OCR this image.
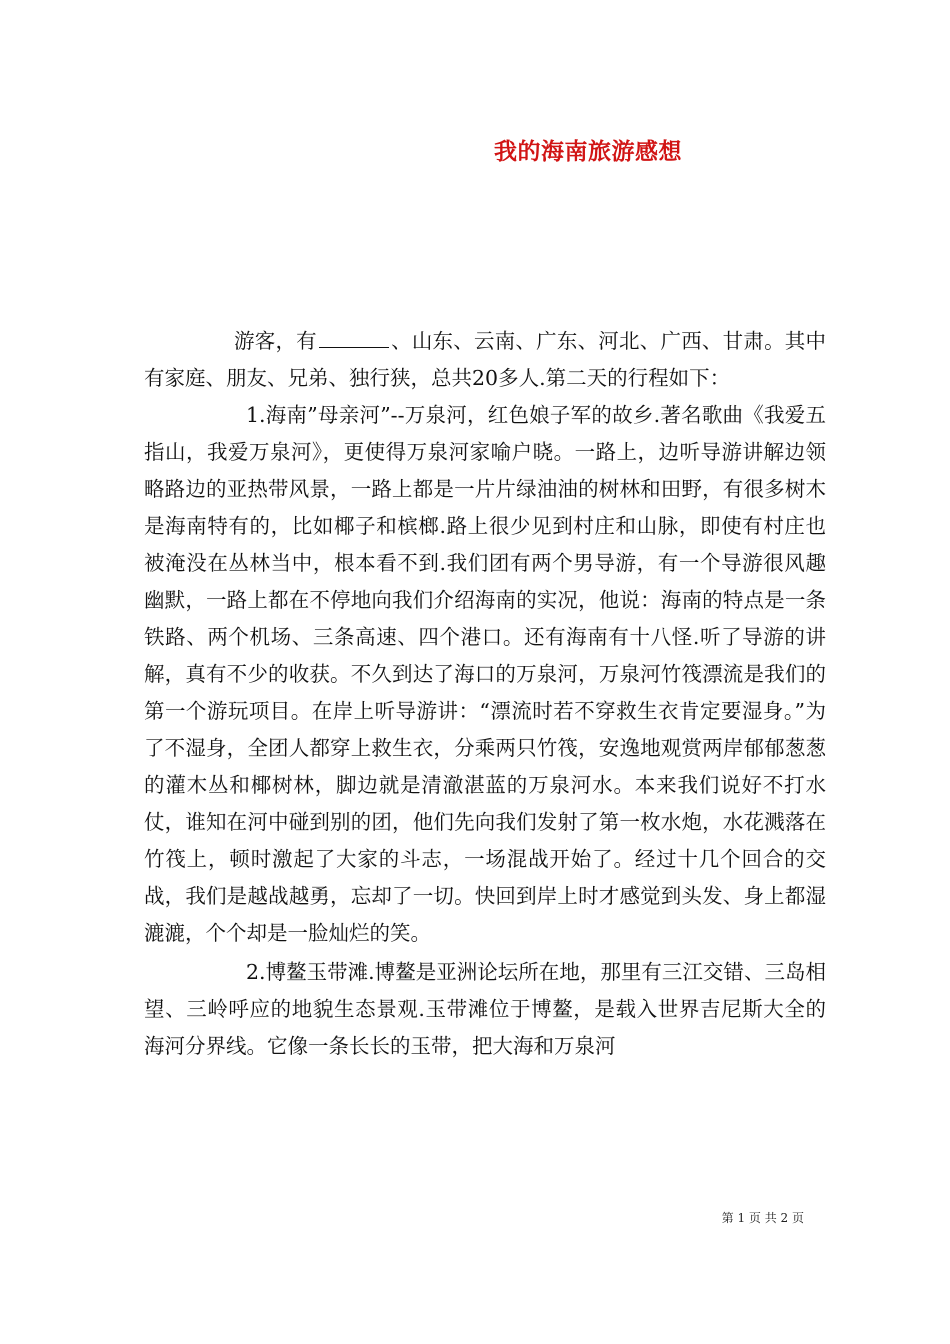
我的海南旅游感想

游客，有	、山东、云南、广东、河北、广西、甘肃。其中有家庭、朋友、兄弟、独行狭，总共20多人.第二天的行程如下：

1.海南”母亲河”--万泉河，红色娘子军的故乡.著名歌曲《我爱五指山，我爱万泉河》，更使得万泉河家喻户晓。一路上，边听导游讲解边领略路边的亚热带风景，一路上都是一片片绿油油的树林和田野，有很多树木是海南特有的，比如椰子和槟榔.路上很少见到村庄和山脉，即使有村庄也被淹没在丛林当中，根本看不到.我们团有两个男导游，有一个导游很风趣幽默，一路上都在不停地向我们介绍海南的实况，他说：海南的特点是一条铁路、两个机场、三条高速、四个港口。还有海南有十八怪.听了导游的讲解，真有不少的收获。不久到达了海口的万泉河，万泉河竹筏漂流是我们的第一个游玩项目。在岸上听导游讲：“漂流时若不穿救生衣肯定要湿身。”为了不湿身，全团人都穿上救生衣，分乘两只竹筏，安逸地观赏两岸郁郁葱葱的灌木丛和椰树林，脚边就是清澈湛蓝的万泉河水。本来我们说好不打水仗，谁知在河中碰到别的团，他们先向我们发射了第一枚水炮，水花溅落在竹筏上，顿时激起了大家的斗志，一场混战开始了。经过十几个回合的交战，我们是越战越勇，忘却了一切。快回到岸上时才感觉到头发、身上都湿漉漉，个个却是一脸灿烂的笑。

2.博鳌玉带滩.博鳌是亚洲论坛所在地，那里有三江交错、三岛相望、三岭呼应的地貌生态景观.玉带滩位于博鳌，是载入世界吉尼斯大全的海河分界线。它像一条长长的玉带，把大海和万泉河

第 1 页 共 2 页
